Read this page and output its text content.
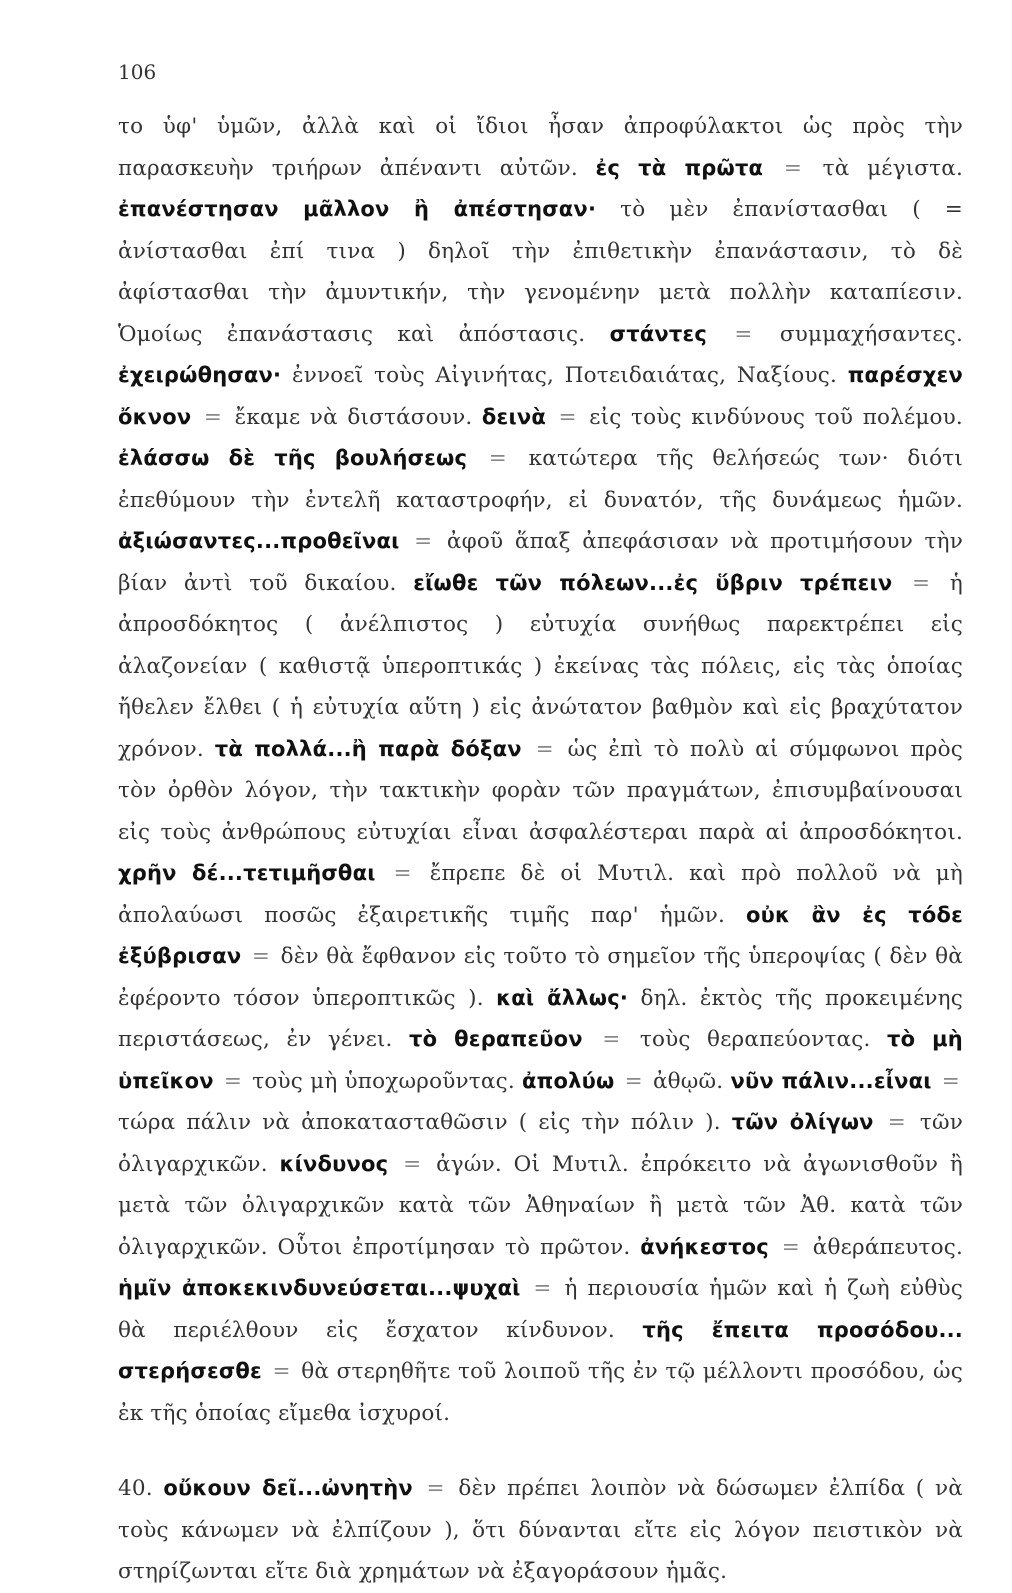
106

το ὑφ' ὑμῶν, ἀλλὰ καὶ οἱ ἴδιοι ἦσαν ἀπροφύλακτοι ὡς πρὸς τὴν παρασκευὴν τριήρων ἀπέναντι αὐτῶν. ἐς τὰ πρῶτα = τὰ μέγιστα. ἐπανέστησαν μᾶλλον ἢ ἀπέστησαν· τὸ μὲν ἐπανίστασθαι ( = ἀνίστασθαι ἐπί τινα ) δηλοῖ τὴν ἐπιθετικὴν ἐπανάστασιν, τὸ δὲ ἀφίστασθαι τὴν ἀμυντικήν, τὴν γενομένην μετὰ πολλὴν καταπίεσιν. Ὁμοίως ἐπανάστασις καὶ ἀπόστασις. στάντες = συμμαχήσαντες. ἐχειρώθησαν· ἐννοεῖ τοὺς Αἰγινήτας, Ποτειδαιάτας, Ναξίους. παρέσχεν ὄκνον = ἔκαμε νὰ διστάσουν. δεινὰ = εἰς τοὺς κινδύνους τοῦ πολέμου. ἐλάσσω δὲ τῆς βουλήσεως = κατώτερα τῆς θελήσεώς των· διότι ἐπεθύμουν τὴν ἐντελῆ καταστροφήν, εἰ δυνατόν, τῆς δυνάμεως ἡμῶν. ἀξιώσαντες...προθεῖναι = ἀφοῦ ἅπαξ ἀπεφάσισαν νὰ προτιμήσουν τὴν βίαν ἀντὶ τοῦ δικαίου. εἴωθε τῶν πόλεων...ἐς ὕβριν τρέπειν = ἡ ἀπροσδόκητος ( ἀνέλπιστος ) εὐτυχία συνήθως παρεκτρέπει εἰς ἀλαζονείαν ( καθιστᾷ ὑπεροπτικάς ) ἐκείνας τὰς πόλεις, εἰς τὰς ὁποίας ἤθελεν ἔλθει ( ἡ εὐτυχία αὕτη ) εἰς ἀνώτατον βαθμὸν καὶ εἰς βραχύτατον χρόνον. τὰ πολλά...ἢ παρὰ δόξαν = ὡς ἐπὶ τὸ πολὺ αἱ σύμφωνοι πρὸς τὸν ὀρθὸν λόγον, τὴν τακτικὴν φορὰν τῶν πραγμάτων, ἐπισυμβαίνουσαι εἰς τοὺς ἀνθρώπους εὐτυχίαι εἶναι ἀσφαλέστεραι παρὰ αἱ ἀπροσδόκητοι. χρῆν δέ...τετιμῆσθαι = ἔπρεπε δὲ οἱ Μυτιλ. καὶ πρὸ πολλοῦ νὰ μὴ ἀπολαύωσι ποσῶς ἐξαιρετικῆς τιμῆς παρ' ἡμῶν. οὐκ ἂν ἐς τόδε ἐξύβρισαν = δὲν θὰ ἔφθανον εἰς τοῦτο τὸ σημεῖον τῆς ὑπεροψίας ( δὲν θὰ ἐφέροντο τόσον ὑπεροπτικῶς ). καὶ ἄλλως· δηλ. ἐκτὸς τῆς προκειμένης περιστάσεως, ἐν γένει. τὸ θεραπεῦον = τοὺς θεραπεύοντας. τὸ μὴ ὑπεῖκον = τοὺς μὴ ὑποχωροῦντας. ἀπολύω = ἀθῳῶ. νῦν πάλιν...εἶναι = τώρα πάλιν νὰ ἀποκατασταθῶσιν ( εἰς τὴν πόλιν ). τῶν ὀλίγων = τῶν ὀλιγαρχικῶν. κίνδυνος = ἀγών. Οἱ Μυτιλ. ἐπρόκειτο νὰ ἀγωνισθοῦν ἢ μετὰ τῶν ὀλιγαρχικῶν κατὰ τῶν Ἀθηναίων ἢ μετὰ τῶν Ἀθ. κατὰ τῶν ὀλιγαρχικῶν. Οὗτοι ἐπροτίμησαν τὸ πρῶτον. ἀνήκεστος = ἀθεράπευτος. ἡμῖν ἀποκεκινδυνεύσεται...ψυχαὶ = ἡ περιουσία ἡμῶν καὶ ἡ ζωὴ εὐθὺς θὰ περιέλθουν εἰς ἔσχατον κίνδυνον. τῆς ἔπειτα προσόδου... στερήσεσθε = θὰ στερηθῆτε τοῦ λοιποῦ τῆς ἐν τῷ μέλλοντι προσόδου, ὡς ἐκ τῆς ὁποίας εἴμεθα ἰσχυροί.

40. οὔκουν δεῖ...ὠνητὴν = δὲν πρέπει λοιπὸν νὰ δώσωμεν ἐλπίδα ( νὰ τοὺς κάνωμεν νὰ ἐλπίζουν ), ὅτι δύνανται εἴτε εἰς λόγον πειστικὸν νὰ στηρίζωνται εἴτε διὰ χρημάτων νὰ ἐξαγοράσουν ἡμᾶς.
